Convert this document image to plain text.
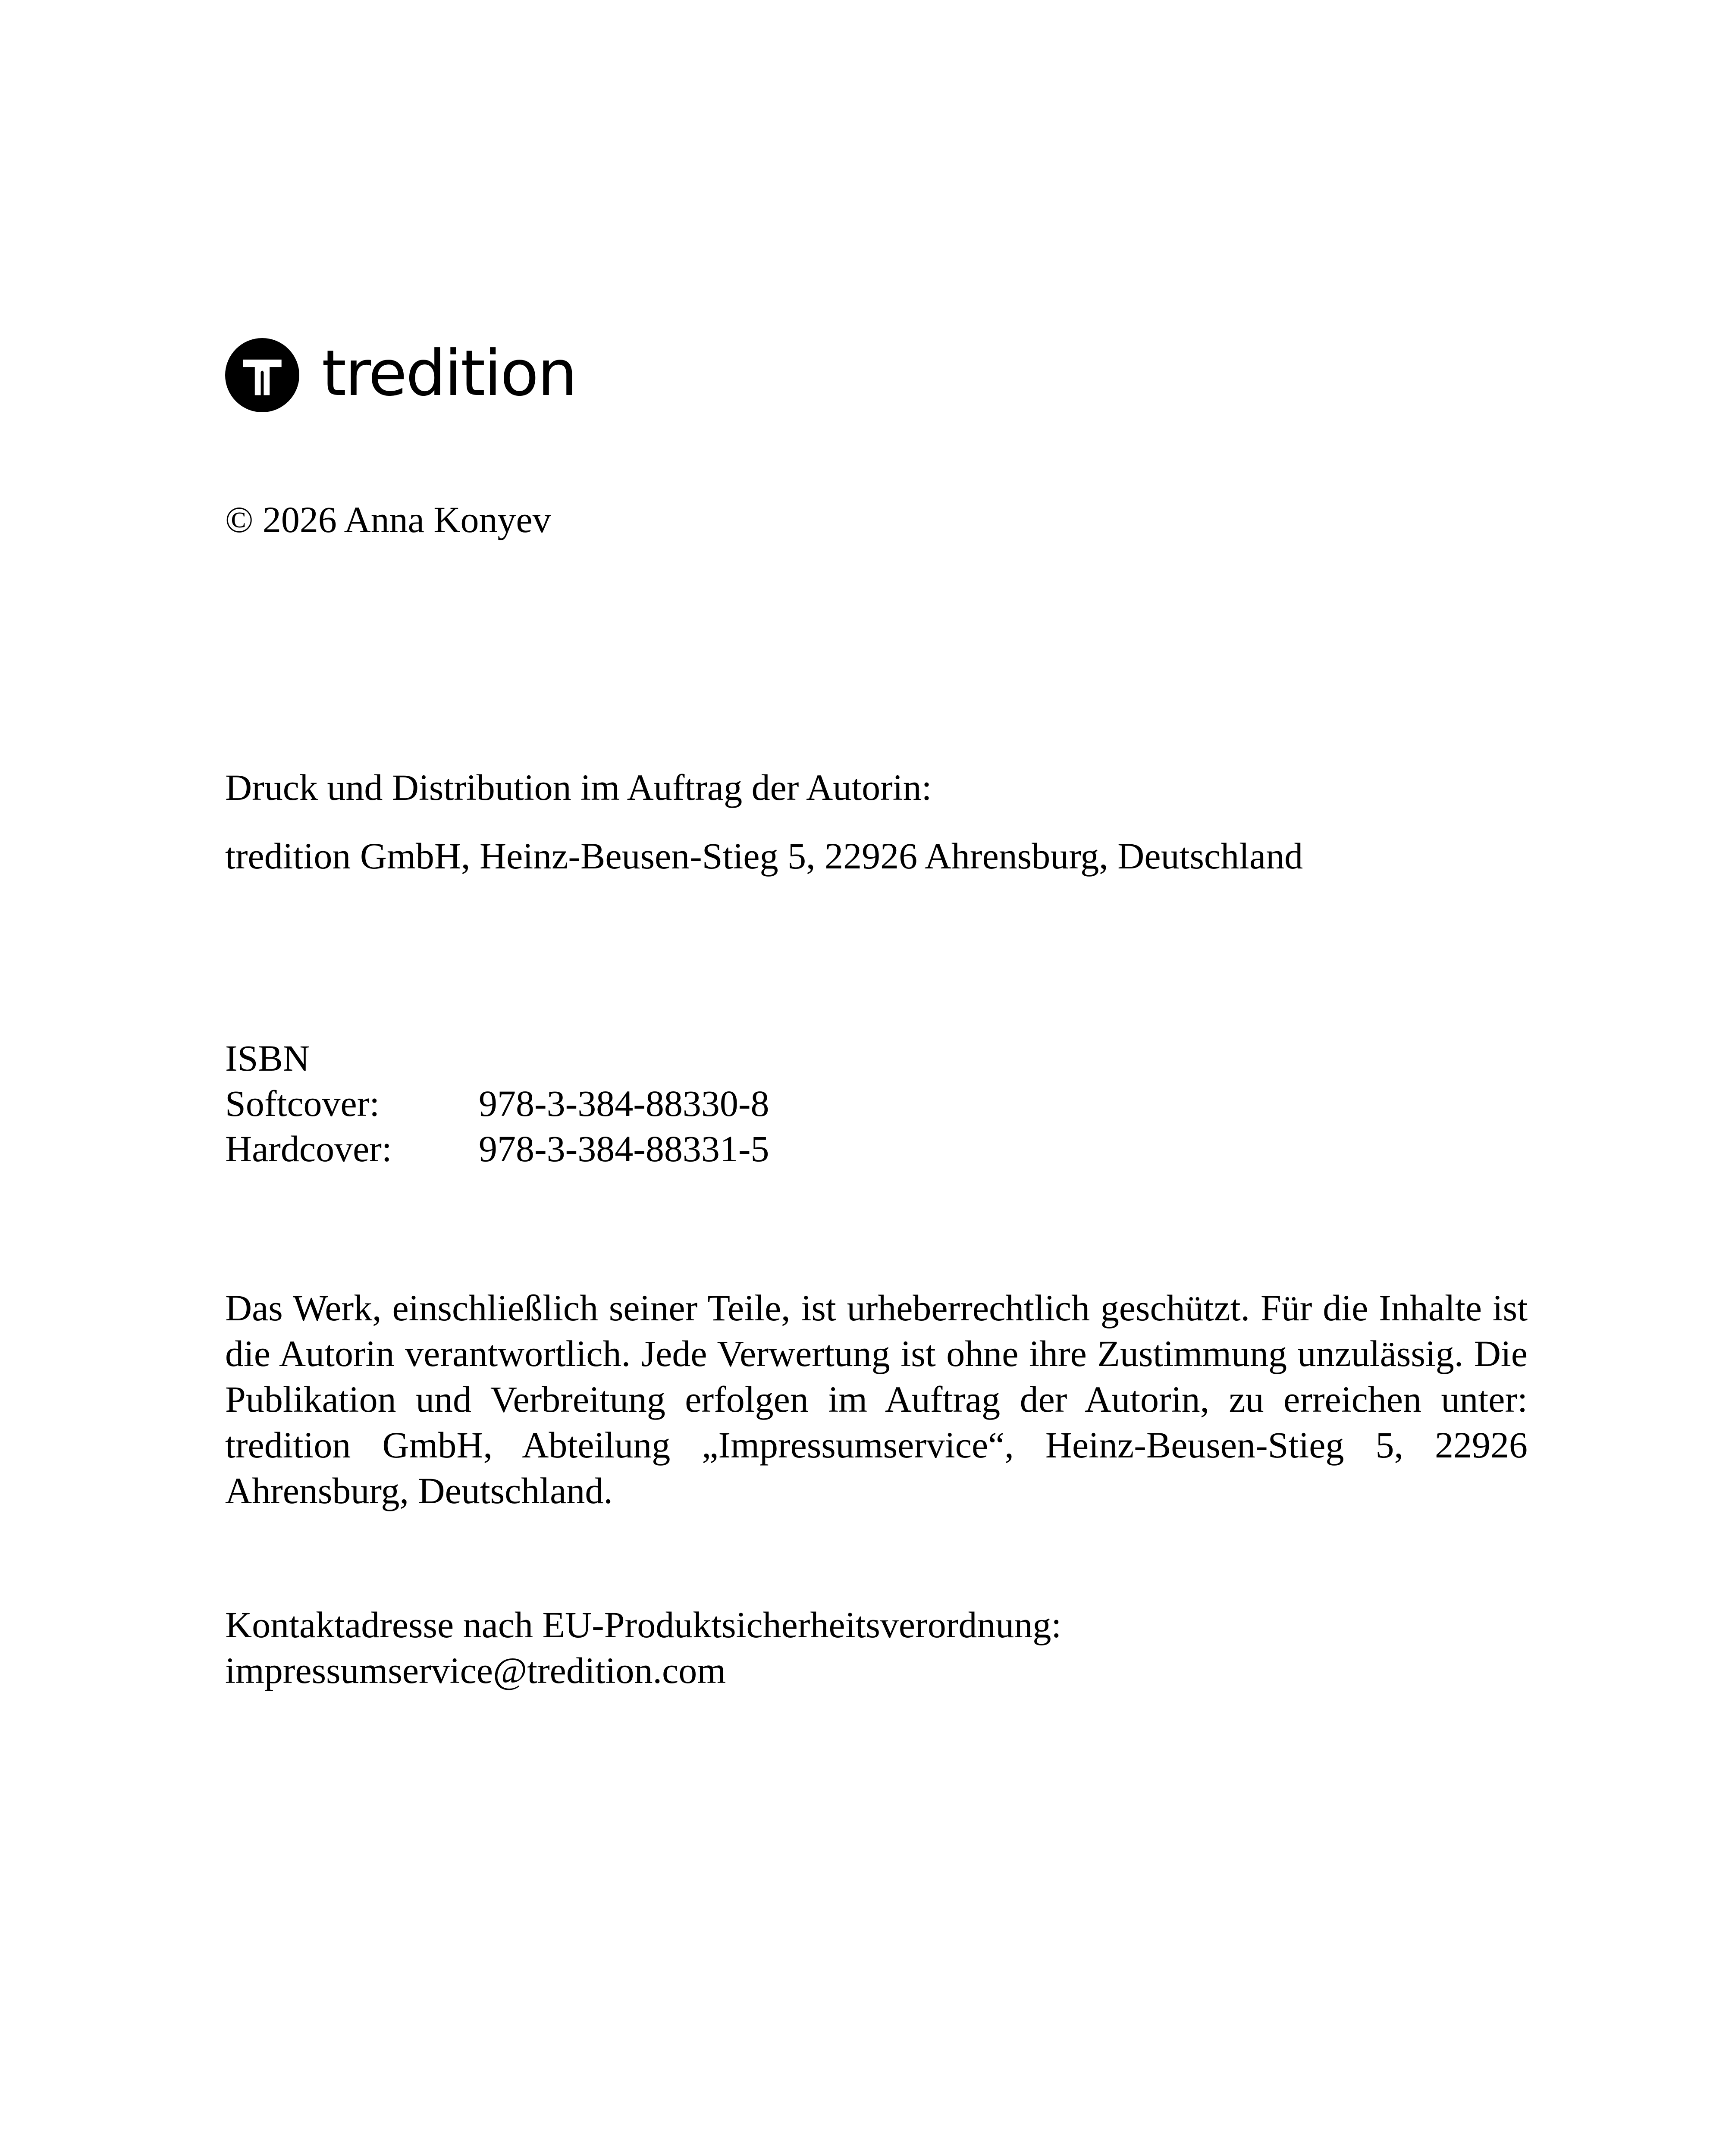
tredition
© 2026 Anna Konyev
Druck und Distribution im Auftrag der Autorin:
tredition GmbH, Heinz-Beusen-Stieg 5, 22926 Ahrensburg, Deutschland
ISBN
Softcover:	978-3-384-88330-8
Hardcover:	978-3-384-88331-5
Das Werk, einschließlich seiner Teile, ist urheberrechtlich geschützt. Für die Inhalte ist die Autorin verantwortlich. Jede Verwertung ist ohne ihre Zustimmung unzulässig. Die Publikation und Verbreitung erfolgen im Auftrag der Autorin, zu erreichen unter: tredition GmbH, Abteilung „Impressumservice“, Heinz-Beusen-Stieg 5, 22926 Ahrensburg, Deutschland.
Kontaktadresse nach EU-Produktsicherheitsverordnung:
impressumservice@tredition.com
